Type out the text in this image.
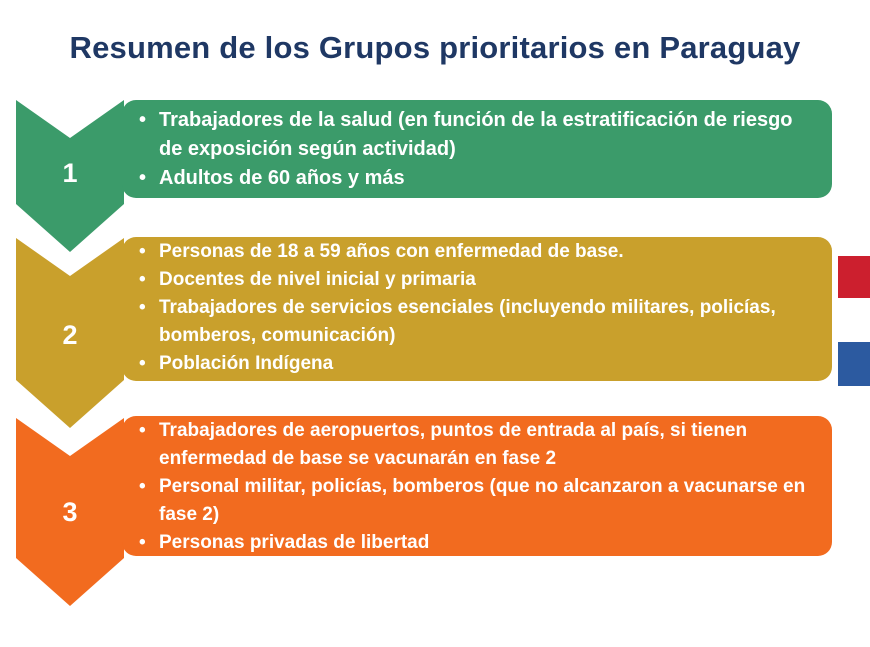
Resumen de los Grupos prioritarios en Paraguay
1
• Trabajadores de la salud (en función de la estratificación de riesgo de exposición según actividad)
• Adultos de 60 años y más
2
• Personas de 18 a 59 años con enfermedad de base.
• Docentes de nivel inicial y primaria
• Trabajadores de servicios esenciales (incluyendo militares, policías, bomberos, comunicación)
• Población Indígena
3
• Trabajadores de aeropuertos, puntos de entrada al país, si tienen enfermedad de base se vacunarán en fase 2
• Personal militar, policías, bomberos (que no alcanzaron a vacunarse en fase 2)
• Personas privadas de libertad
